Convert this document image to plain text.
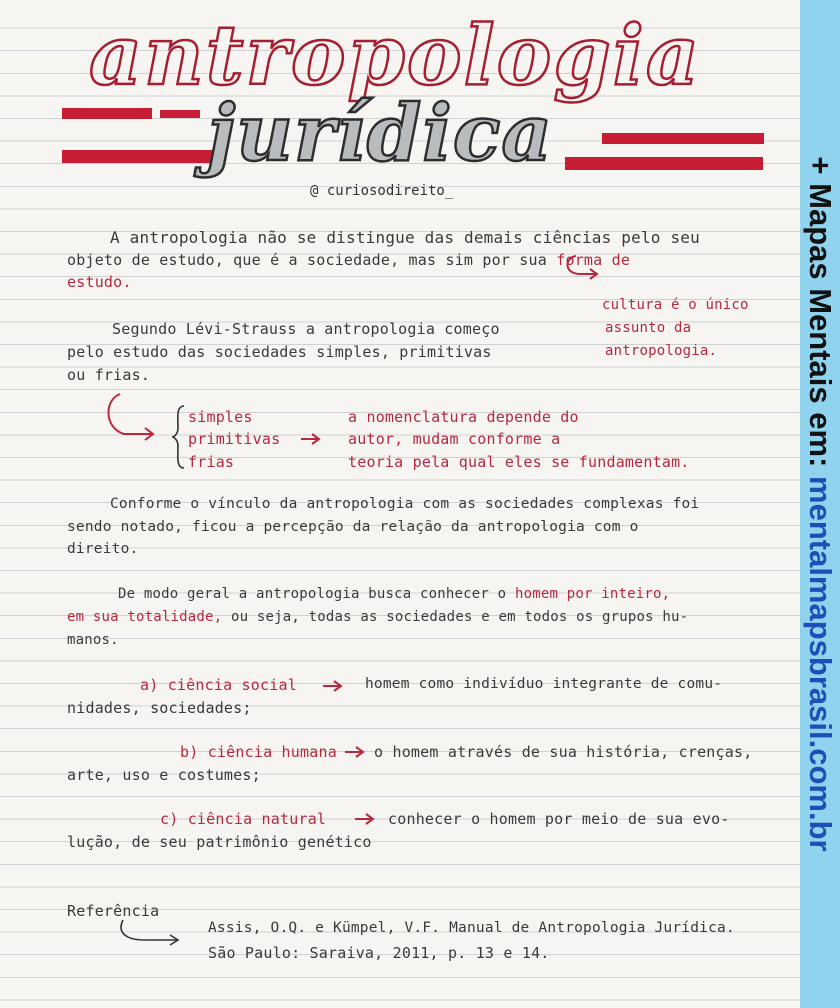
antropologia
jurídica
@ curiosodireito_
A antropologia não se distingue das demais ciências pelo seu
objeto de estudo, que é a sociedade, mas sim por sua forma de
estudo.
cultura é o único
assunto da
antropologia.
Segundo Lévi-Strauss a antropologia começo
pelo estudo das sociedades simples, primitivas
ou frias.
simples
primitivas
frias
a nomenclatura depende do
autor, mudam conforme a
teoria pela qual eles se fundamentam.
Conforme o vínculo da antropologia com as sociedades complexas foi
sendo notado, ficou a percepção da relação da antropologia com o
direito.
De modo geral a antropologia busca conhecer o homem por inteiro,
em sua totalidade, ou seja, todas as sociedades e em todos os grupos hu-
manos.
a) ciência social	homem como indivíduo integrante de comu-
nidades, sociedades;
b) ciência humana o homem através de sua história, crenças,
arte, uso e costumes;
c) ciência natural	conhecer o homem por meio de sua evo-
lução, de seu patrimônio genético
Referência
Assis, O.Q. e Kümpel, V.F. Manual de Antropologia Jurídica.
São Paulo: Saraiva, 2011, p. 13 e 14.
+ Mapas Mentais em: mentalmapsbrasil.com.br
